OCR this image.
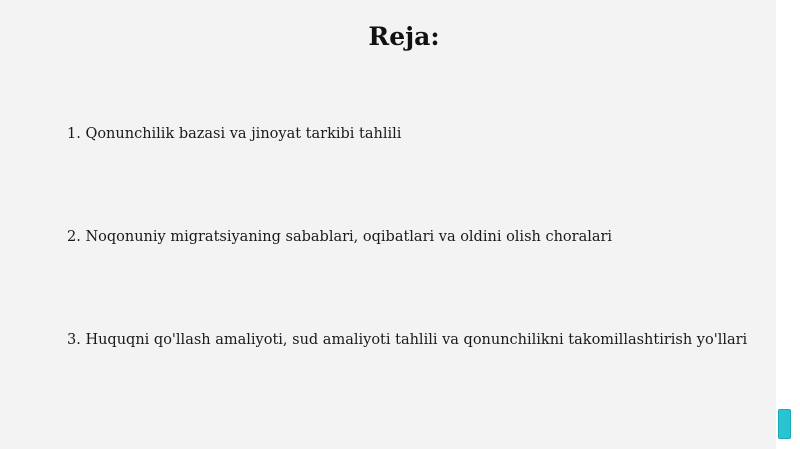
Reja:
1. Qonunchilik bazasi va jinoyat tarkibi tahlili
2. Noqonuniy migratsiyaning sabablari, oqibatlari va oldini olish choralari
3. Huquqni qo'llash amaliyoti, sud amaliyoti tahlili va qonunchilikni takomillashtirish yo'llari
